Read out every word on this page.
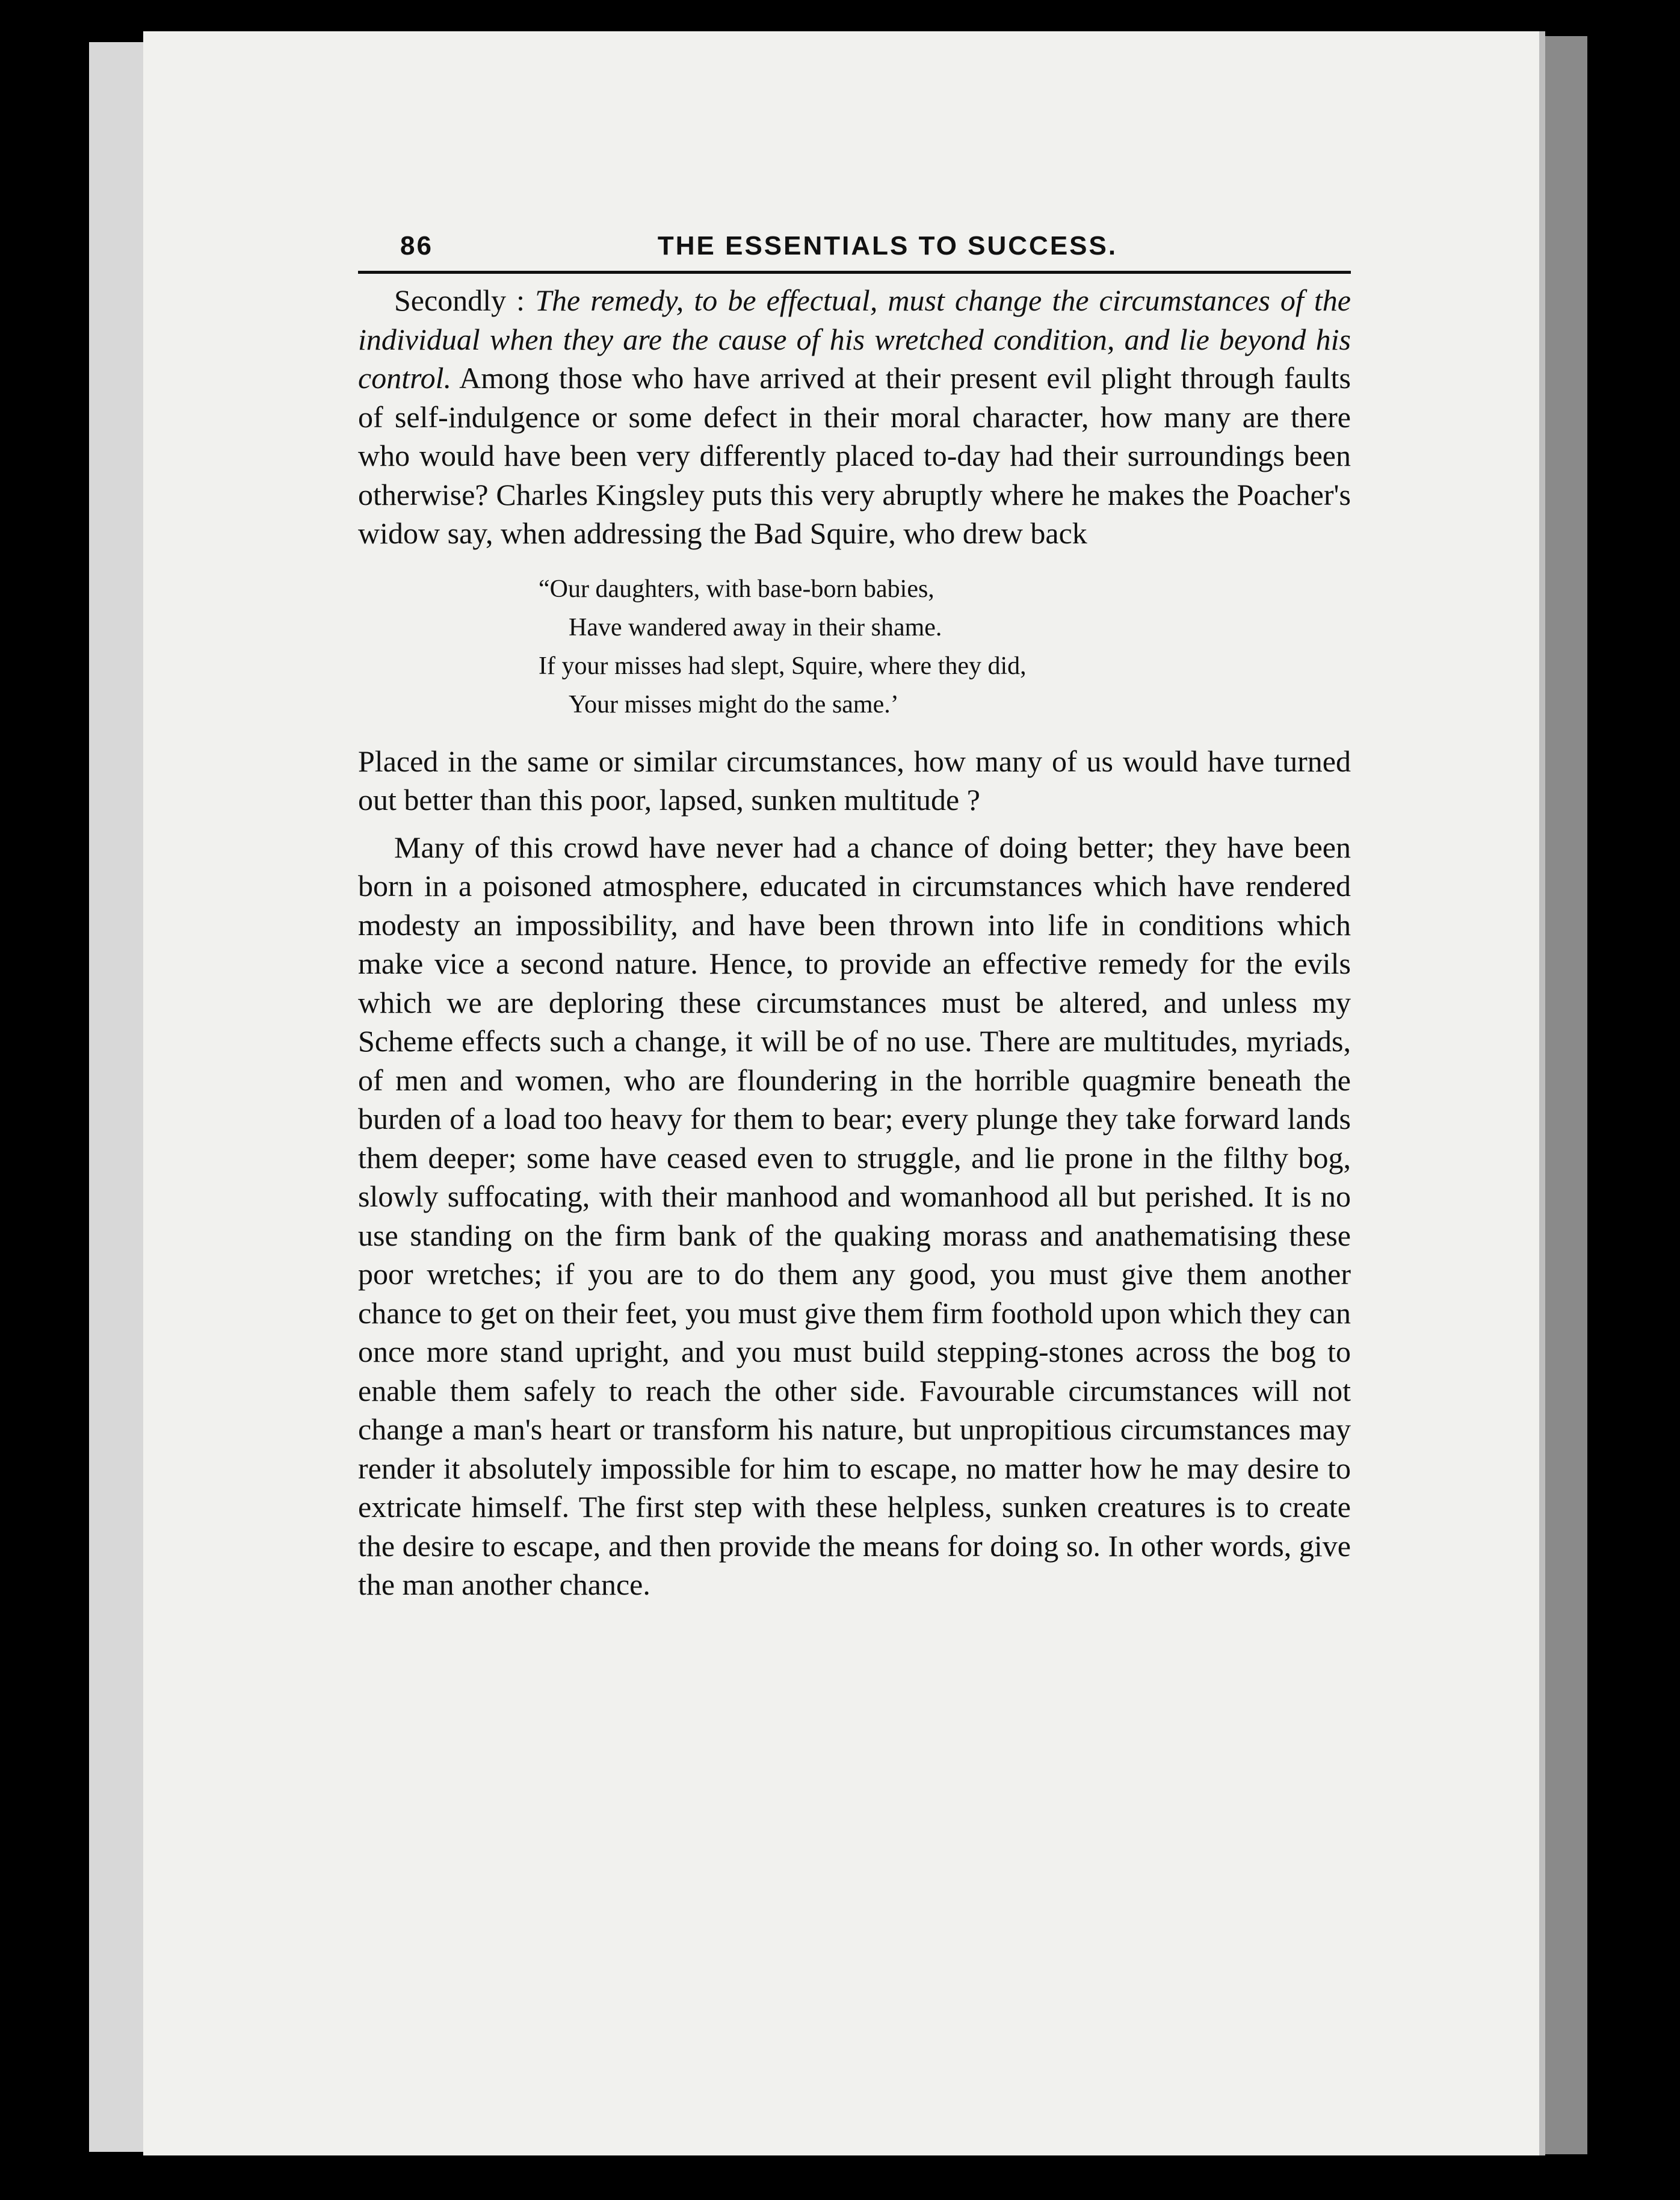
86	THE ESSENTIALS TO SUCCESS.

Secondly : The remedy, to be effectual, must change the circumstances of the individual when they are the cause of his wretched condition, and lie beyond his control. Among those who have arrived at their present evil plight through faults of self-indulgence or some defect in their moral character, how many are there who would have been very differently placed to-day had their surroundings been otherwise? Charles Kingsley puts this very abruptly where he makes the Poacher's widow say, when addressing the Bad Squire, who drew back

“Our daughters, with base-born babies,
Have wandered away in their shame.
If your misses had slept, Squire, where they did,
Your misses might do the same.’

Placed in the same or similar circumstances, how many of us would have turned out better than this poor, lapsed, sunken multitude ?

Many of this crowd have never had a chance of doing better; they have been born in a poisoned atmosphere, educated in circumstances which have rendered modesty an impossibility, and have been thrown into life in conditions which make vice a second nature. Hence, to provide an effective remedy for the evils which we are deploring these circumstances must be altered, and unless my Scheme effects such a change, it will be of no use. There are multitudes, myriads, of men and women, who are floundering in the horrible quagmire beneath the burden of a load too heavy for them to bear; every plunge they take forward lands them deeper; some have ceased even to struggle, and lie prone in the filthy bog, slowly suffocating, with their manhood and womanhood all but perished. It is no use standing on the firm bank of the quaking morass and anathematising these poor wretches; if you are to do them any good, you must give them another chance to get on their feet, you must give them firm foothold upon which they can once more stand upright, and you must build stepping-stones across the bog to enable them safely to reach the other side. Favourable circumstances will not change a man's heart or transform his nature, but unpropitious circumstances may render it absolutely impossible for him to escape, no matter how he may desire to extricate himself. The first step with these helpless, sunken creatures is to create the desire to escape, and then provide the means for doing so. In other words, give the man another chance.
